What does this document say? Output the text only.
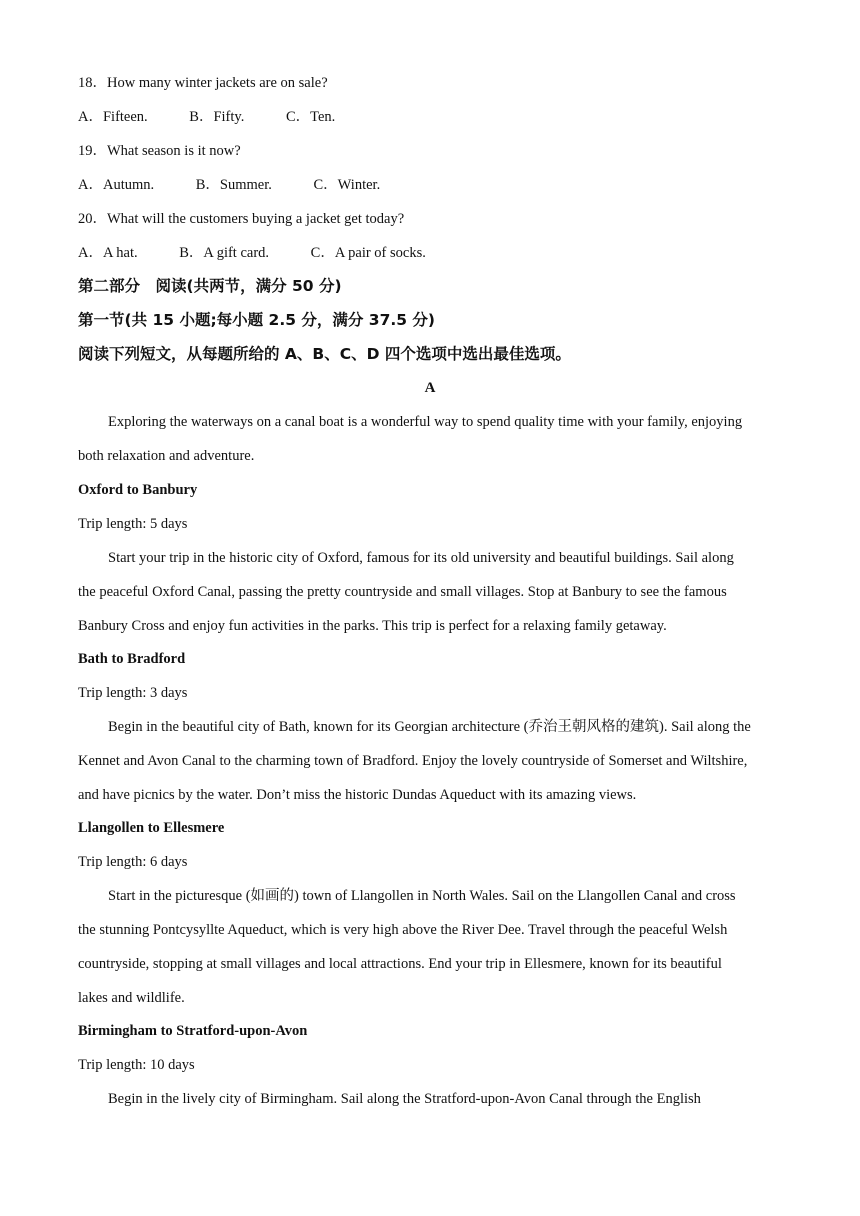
18．How many winter jackets are on sale?
A．Fifteen.	B．Fifty.	C．Ten.
19．What season is it now?
A．Autumn.	B．Summer.	C．Winter.
20．What will the customers buying a jacket get today?
A．A hat.	B．A gift card.	C．A pair of socks.
第二部分　阅读(共两节，满分 50 分)
第一节(共 15 小题;每小题 2.5 分，满分 37.5 分)
阅读下列短文，从每题所给的 A、B、C、D 四个选项中选出最佳选项。
A
Exploring the waterways on a canal boat is a wonderful way to spend quality time with your family, enjoying
both relaxation and adventure.
Oxford to Banbury
Trip length: 5 days
Start your trip in the historic city of Oxford, famous for its old university and beautiful buildings. Sail along
the peaceful Oxford Canal, passing the pretty countryside and small villages. Stop at Banbury to see the famous
Banbury Cross and enjoy fun activities in the parks. This trip is perfect for a relaxing family getaway.
Bath to Bradford
Trip length: 3 days
Begin in the beautiful city of Bath, known for its Georgian architecture (乔治王朝风格的建筑). Sail along the
Kennet and Avon Canal to the charming town of Bradford. Enjoy the lovely countryside of Somerset and Wiltshire,
and have picnics by the water. Don’t miss the historic Dundas Aqueduct with its amazing views.
Llangollen to Ellesmere
Trip length: 6 days
Start in the picturesque (如画的) town of Llangollen in North Wales. Sail on the Llangollen Canal and cross
the stunning Pontcysyllte Aqueduct, which is very high above the River Dee. Travel through the peaceful Welsh
countryside, stopping at small villages and local attractions. End your trip in Ellesmere, known for its beautiful
lakes and wildlife.
Birmingham to Stratford-upon-Avon
Trip length: 10 days
Begin in the lively city of Birmingham. Sail along the Stratford-upon-Avon Canal through the English
